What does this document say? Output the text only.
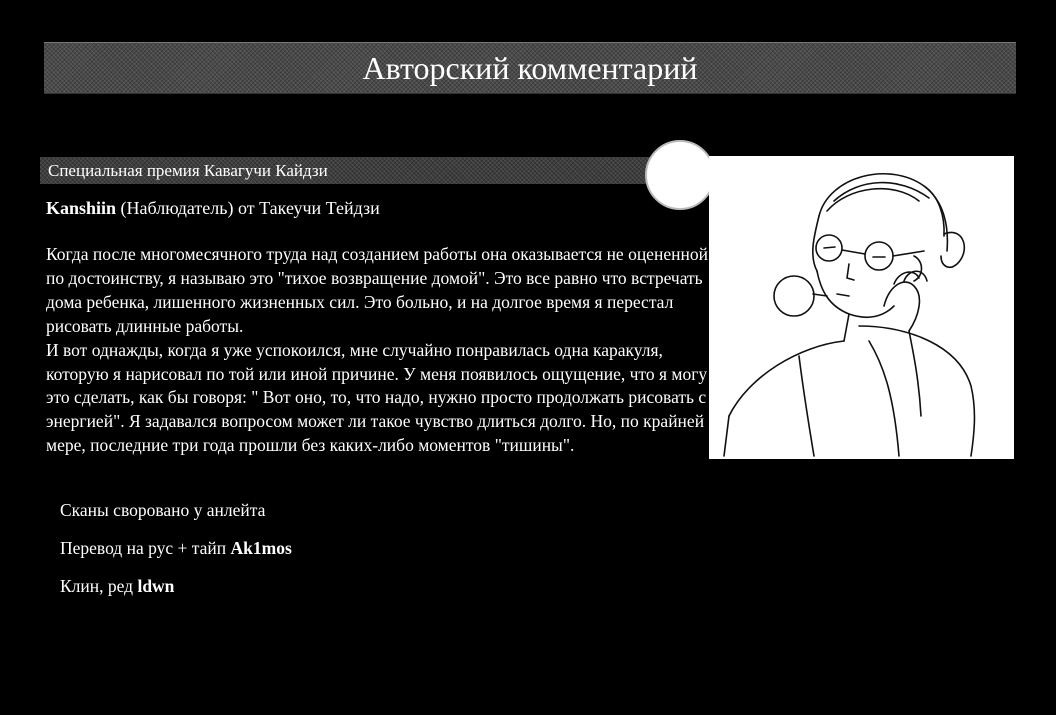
Авторский комментарий
Специальная премия Кавагучи Кайдзи
Kanshiin (Наблюдатель) от Такеучи Тейдзи

Когда после многомесячного труда над созданием работы она оказывается не оцененной по достоинству, я называю это "тихое возвращение домой". Это все равно что встречать дома ребенка, лишенного жизненных сил. Это больно, и на долгое время я перестал рисовать длинные работы.

И вот однажды, когда я уже успокоился, мне случайно понравилась одна каракуля, которую я нарисовал по той или иной причине. У меня появилось ощущение, что я могу это сделать, как бы говоря: " Вот оно, то, что надо, нужно просто продолжать рисовать с энергией". Я задавался вопросом может ли такое чувство длиться долго. Но, по крайней мере, последние три года прошли без каких-либо моментов "тишины".

Сканы своровано у анлейта
Перевод на рус + тайп Ak1mos
Клин, ред ldwn
